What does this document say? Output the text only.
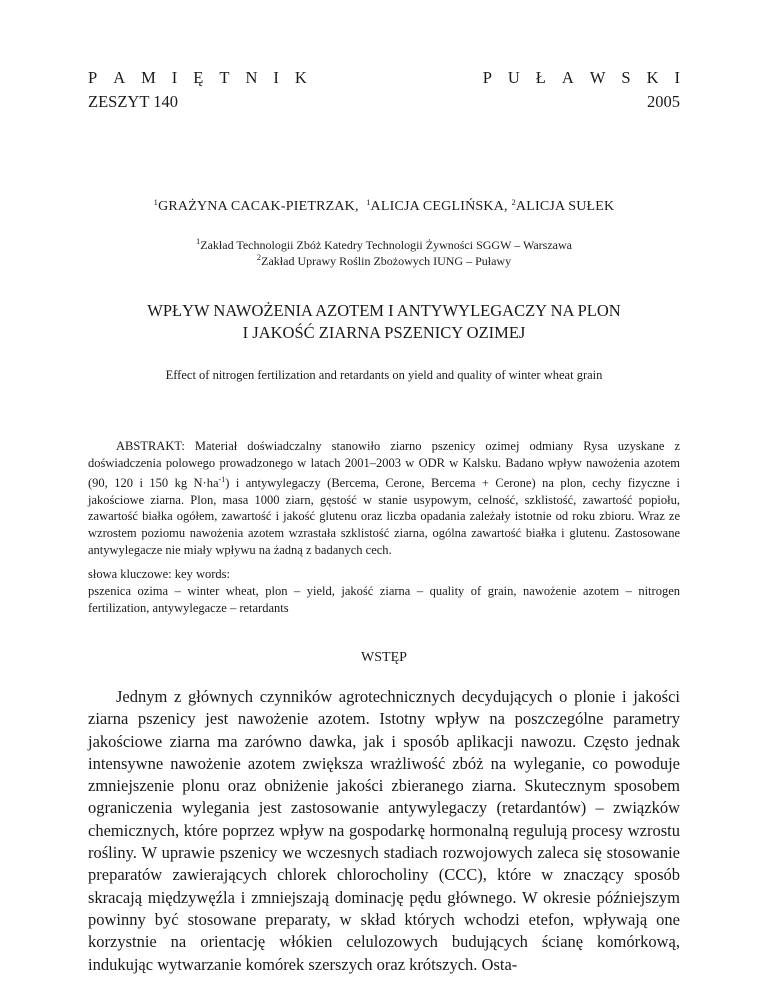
P A M I Ę T N I K	P U Ł A W S K I
ZESZYT 140	2005
$^1$GRAŻYNA CACAK-PIETRZAK, $^1$ALICJA CEGLIŃSKA, $^2$ALICJA SUŁEK
$^1$Zakład Technologii Zbóż Katedry Technologii Żywności SGGW – Warszawa
$^2$Zakład Uprawy Roślin Zbożowych IUNG – Puławy
WPŁYW NAWOŻENIA AZOTEM I ANTYWYLEGACZY NA PLON
I JAKOŚĆ ZIARNA PSZENICY OZIMEJ
Effect of nitrogen fertilization and retardants on yield and quality of winter wheat grain

ABSTRAKT: Materiał doświadczalny stanowiło ziarno pszenicy ozimej odmiany Rysa uzyskane z doświadczenia polowego prowadzonego w latach 2001–2003 w ODR w Kalsku. Badano wpływ nawożenia azotem (90, 120 i 150 kg $N\cdot ha^{-1}$) i antywylegaczy (Bercema, Cerone, Bercema + Cerone) na plon, cechy fizyczne i jakościowe ziarna. Plon, masa 1000 ziarn, gęstość w stanie usypowym, celność, szklistość, zawartość popiołu, zawartość białka ogółem, zawartość i jakość glutenu oraz liczba opadania zależały istotnie od roku zbioru. Wraz ze wzrostem poziomu nawożenia azotem wzrastała szklistość ziarna, ogólna zawartość białka i glutenu. Zastosowane antywylegacze nie miały wpływu na żadną z badanych cech.

słowa kluczowe: key words:
pszenica ozima – winter wheat, plon – yield, jakość ziarna – quality of grain, nawożenie azotem – nitrogen fertilization, antywylegacze – retardants
WSTĘP

Jednym z głównych czynników agrotechnicznych decydujących o plonie i jakości ziarna pszenicy jest nawożenie azotem. Istotny wpływ na poszczególne parametry jakościowe ziarna ma zarówno dawka, jak i sposób aplikacji nawozu. Często jednak intensywne nawożenie azotem zwiększa wrażliwość zbóż na wyleganie, co powoduje zmniejszenie plonu oraz obniżenie jakości zbieranego ziarna. Skutecznym sposobem ograniczenia wylegania jest zastosowanie antywylegaczy (retardantów) – związków chemicznych, które poprzez wpływ na gospodarkę hormonalną regulują procesy wzrostu rośliny. W uprawie pszenicy we wczesnych stadiach rozwojowych zaleca się stosowanie preparatów zawierających chlorek chlorocholiny (CCC), które w znaczący sposób skracają międzywęźla i zmniejszają dominację pędu głównego. W okresie późniejszym powinny być stosowane preparaty, w skład których wchodzi etefon, wpływają one korzystnie na orientację włókien celulozowych budujących ścianę komórkową, indukując wytwarzanie komórek szerszych oraz krótszych. Osta-
